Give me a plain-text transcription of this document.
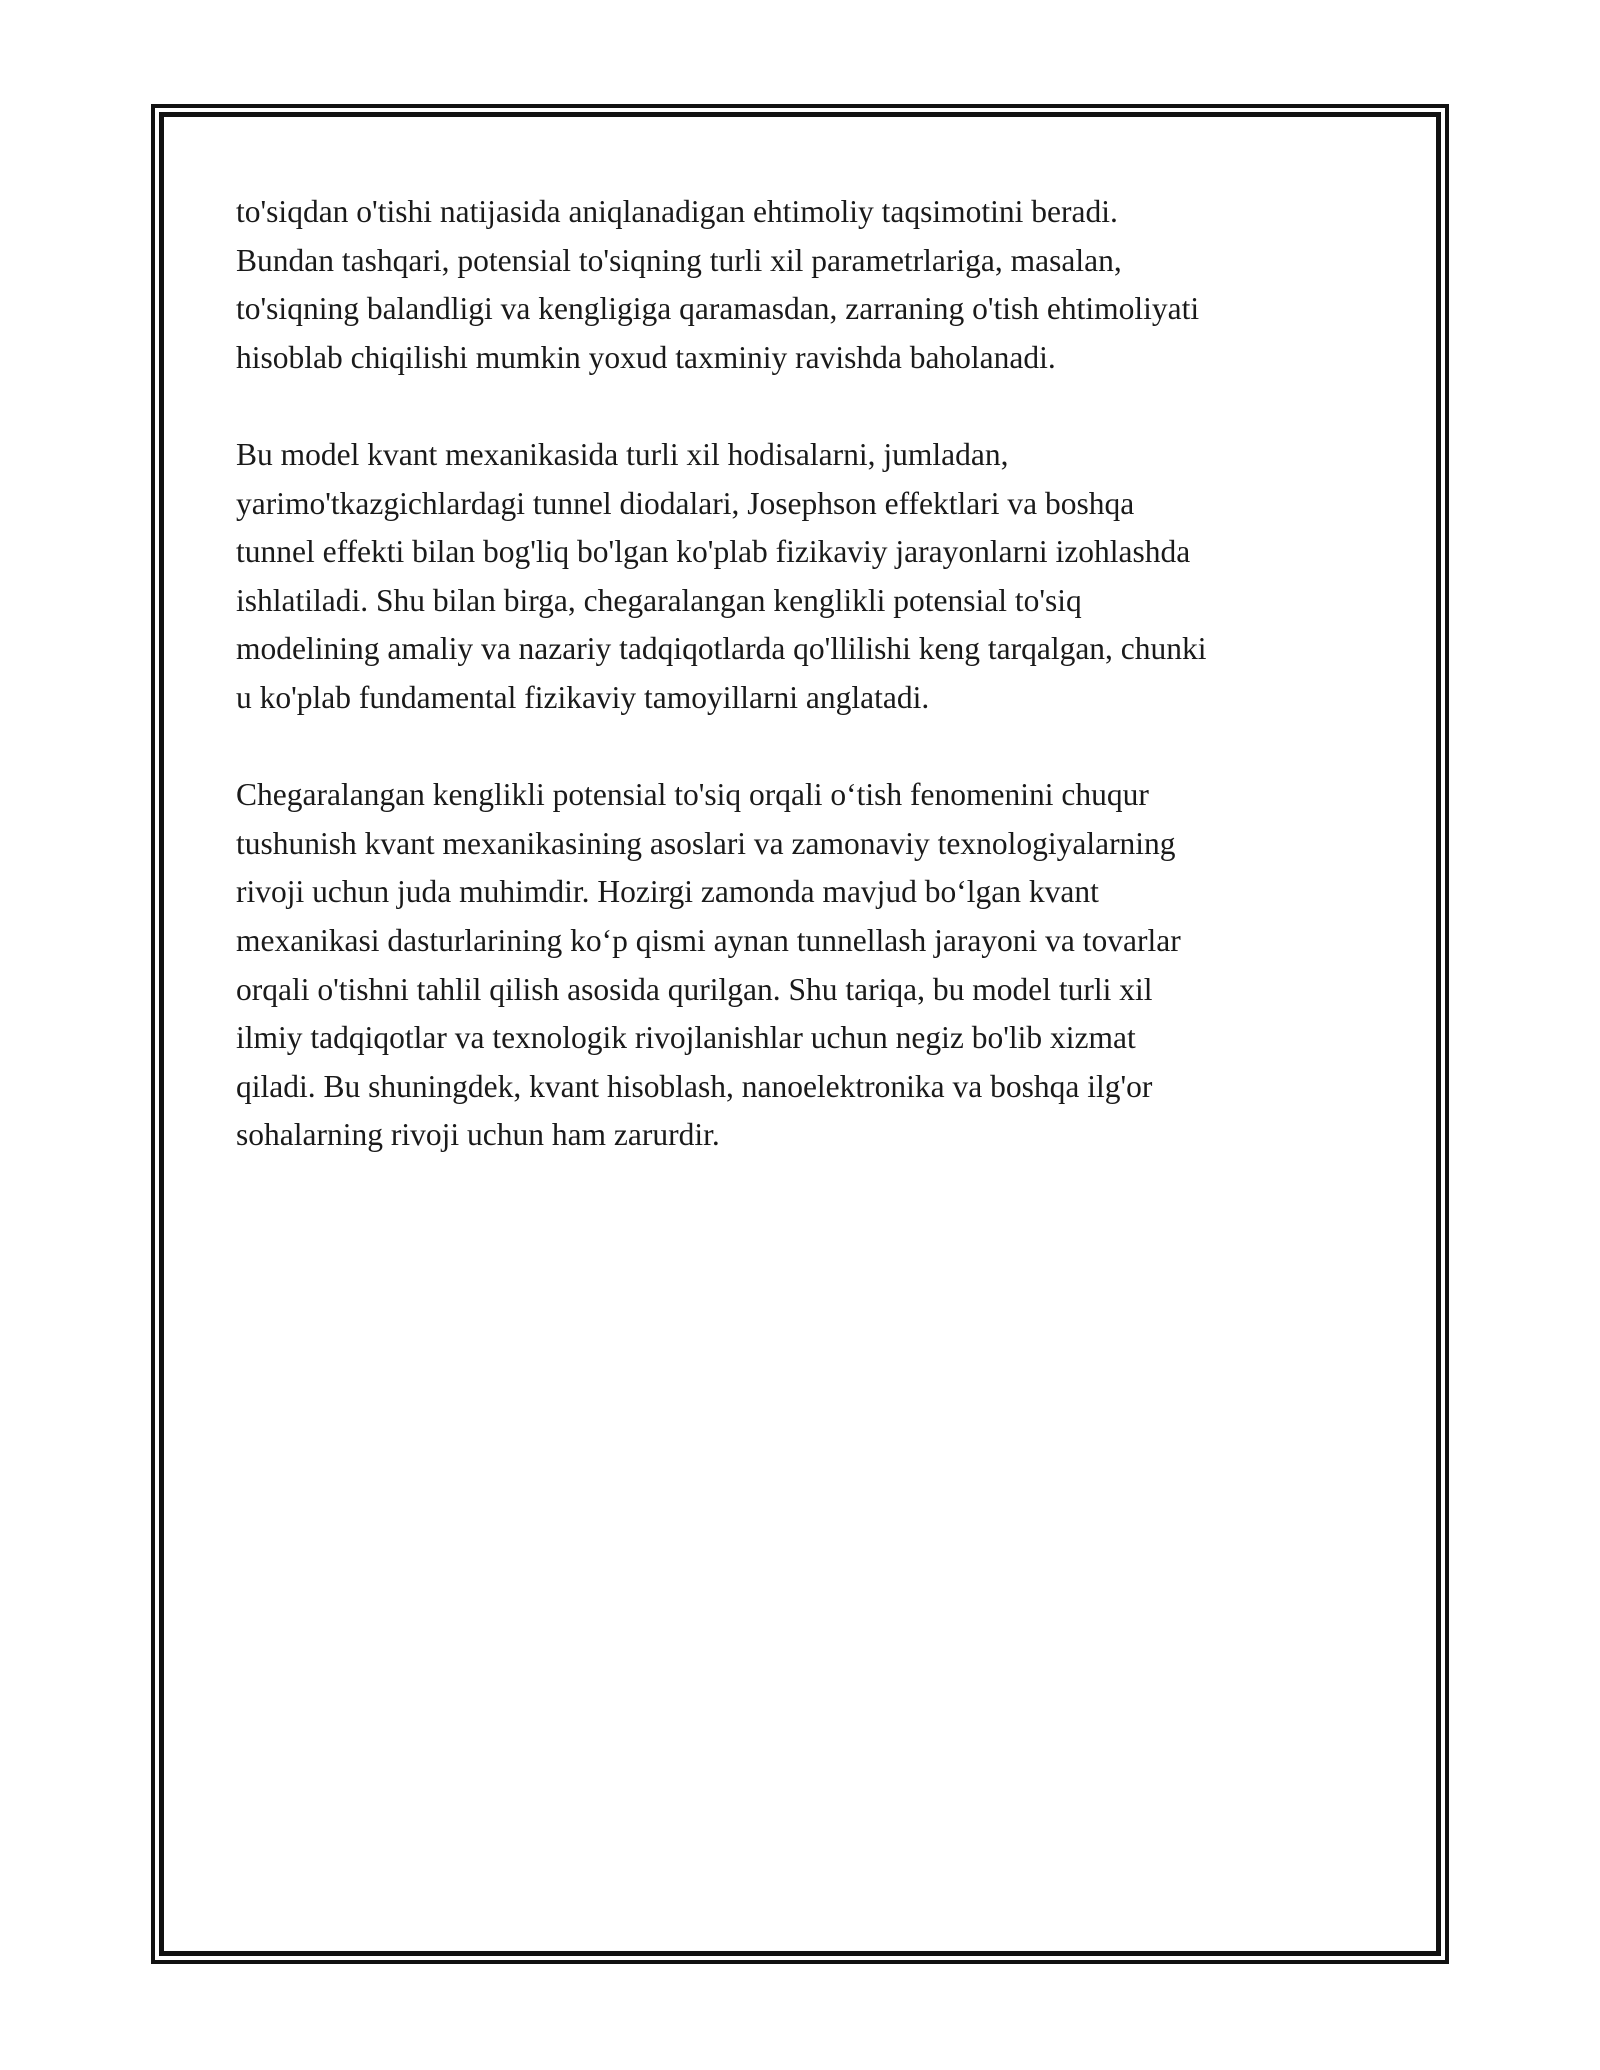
to'siqdan o'tishi natijasida aniqlanadigan ehtimoliy taqsimotini beradi.
Bundan tashqari, potensial to'siqning turli xil parametrlariga, masalan,
to'siqning balandligi va kengligiga qaramasdan, zarraning o'tish ehtimoliyati
hisoblab chiqilishi mumkin yoxud taxminiy ravishda baholanadi.

Bu model kvant mexanikasida turli xil hodisalarni, jumladan,
yarimo'tkazgichlardagi tunnel diodalari, Josephson effektlari va boshqa
tunnel effekti bilan bog'liq bo'lgan ko'plab fizikaviy jarayonlarni izohlashda
ishlatiladi. Shu bilan birga, chegaralangan kenglikli potensial to'siq
modelining amaliy va nazariy tadqiqotlarda qo'llilishi keng tarqalgan, chunki
u ko'plab fundamental fizikaviy tamoyillarni anglatadi.

Chegaralangan kenglikli potensial to'siq orqali o‘tish fenomenini chuqur
tushunish kvant mexanikasining asoslari va zamonaviy texnologiyalarning
rivoji uchun juda muhimdir. Hozirgi zamonda mavjud bo‘lgan kvant
mexanikasi dasturlarining ko‘p qismi aynan tunnellash jarayoni va tovarlar
orqali o'tishni tahlil qilish asosida qurilgan. Shu tariqa, bu model turli xil
ilmiy tadqiqotlar va texnologik rivojlanishlar uchun negiz bo'lib xizmat
qiladi. Bu shuningdek, kvant hisoblash, nanoelektronika va boshqa ilg'or
sohalarning rivoji uchun ham zarurdir.
